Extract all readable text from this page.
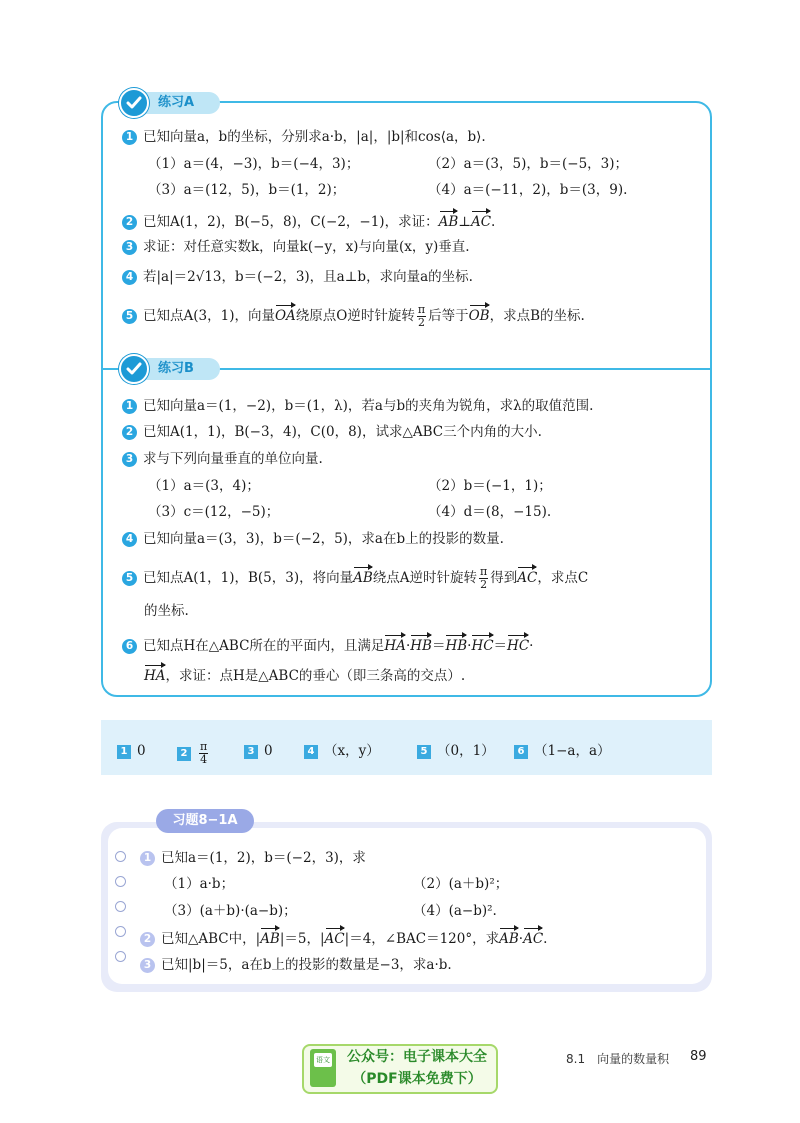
练习A
1 已知向量a，b的坐标，分别求a·b，|a|，|b|和cos⟨a，b⟩.
（1）a＝(4，−3)，b＝(−4，3)；	（2）a＝(3，5)，b＝(−5，3)；
（3）a＝(12，5)，b＝(1，2)；	（4）a＝(−11，2)，b＝(3，9).
2 已知A(1，2)，B(−5，8)，C(−2，−1)，求证：AB⊥AC.
3 求证：对任意实数k，向量k(−y，x)与向量(x，y)垂直.
4 若|a|＝2√13，b＝(−2，3)，且a⊥b，求向量a的坐标.
5 已知点A(3，1)，向量OA绕原点O逆时针旋转 $\frac{\pi}{2}$ 后等于OB，求点B的坐标.
练习B
1 已知向量a＝(1，−2)，b＝(1，λ)，若a与b的夹角为锐角，求λ的取值范围.
2 已知A(1，1)，B(−3，4)，C(0，8)，试求△ABC三个内角的大小.
3 求与下列向量垂直的单位向量.
（1）a＝(3，4)；	（2）b＝(−1，1)；
（3）c＝(12，−5)；	（4）d＝(8，−15).
4 已知向量a＝(3，3)，b＝(−2，5)，求a在b上的投影的数量.
5 已知点A(1，1)，B(5，3)，将向量AB绕点A逆时针旋转 $\frac{\pi}{2}$ 得到AC，求点C
的坐标.
6 已知点H在△ABC所在的平面内，且满足HA·HB＝HB·HC＝HC·
HA，求证：点H是△ABC的垂心（即三条高的交点）.
1 0	$2 \frac{\pi}{4}$	3 0	4 （x，y）	5 （0，1）	6 （1−a，a）
习题8−1A
1 已知a＝(1，2)，b＝(−2，3)，求
（1）a·b；	（2）(a＋b)²；
（3）(a＋b)·(a−b)；	（4）(a−b)².
2 已知△ABC中，|AB|＝5，|AC|＝4，∠BAC＝120°，求AB·AC.
3 已知|b|＝5，a在b上的投影的数量是−3，求a·b.
语文	公众号：电子课本大全
（PDF课本免费下）
8.1　向量的数量积 89
